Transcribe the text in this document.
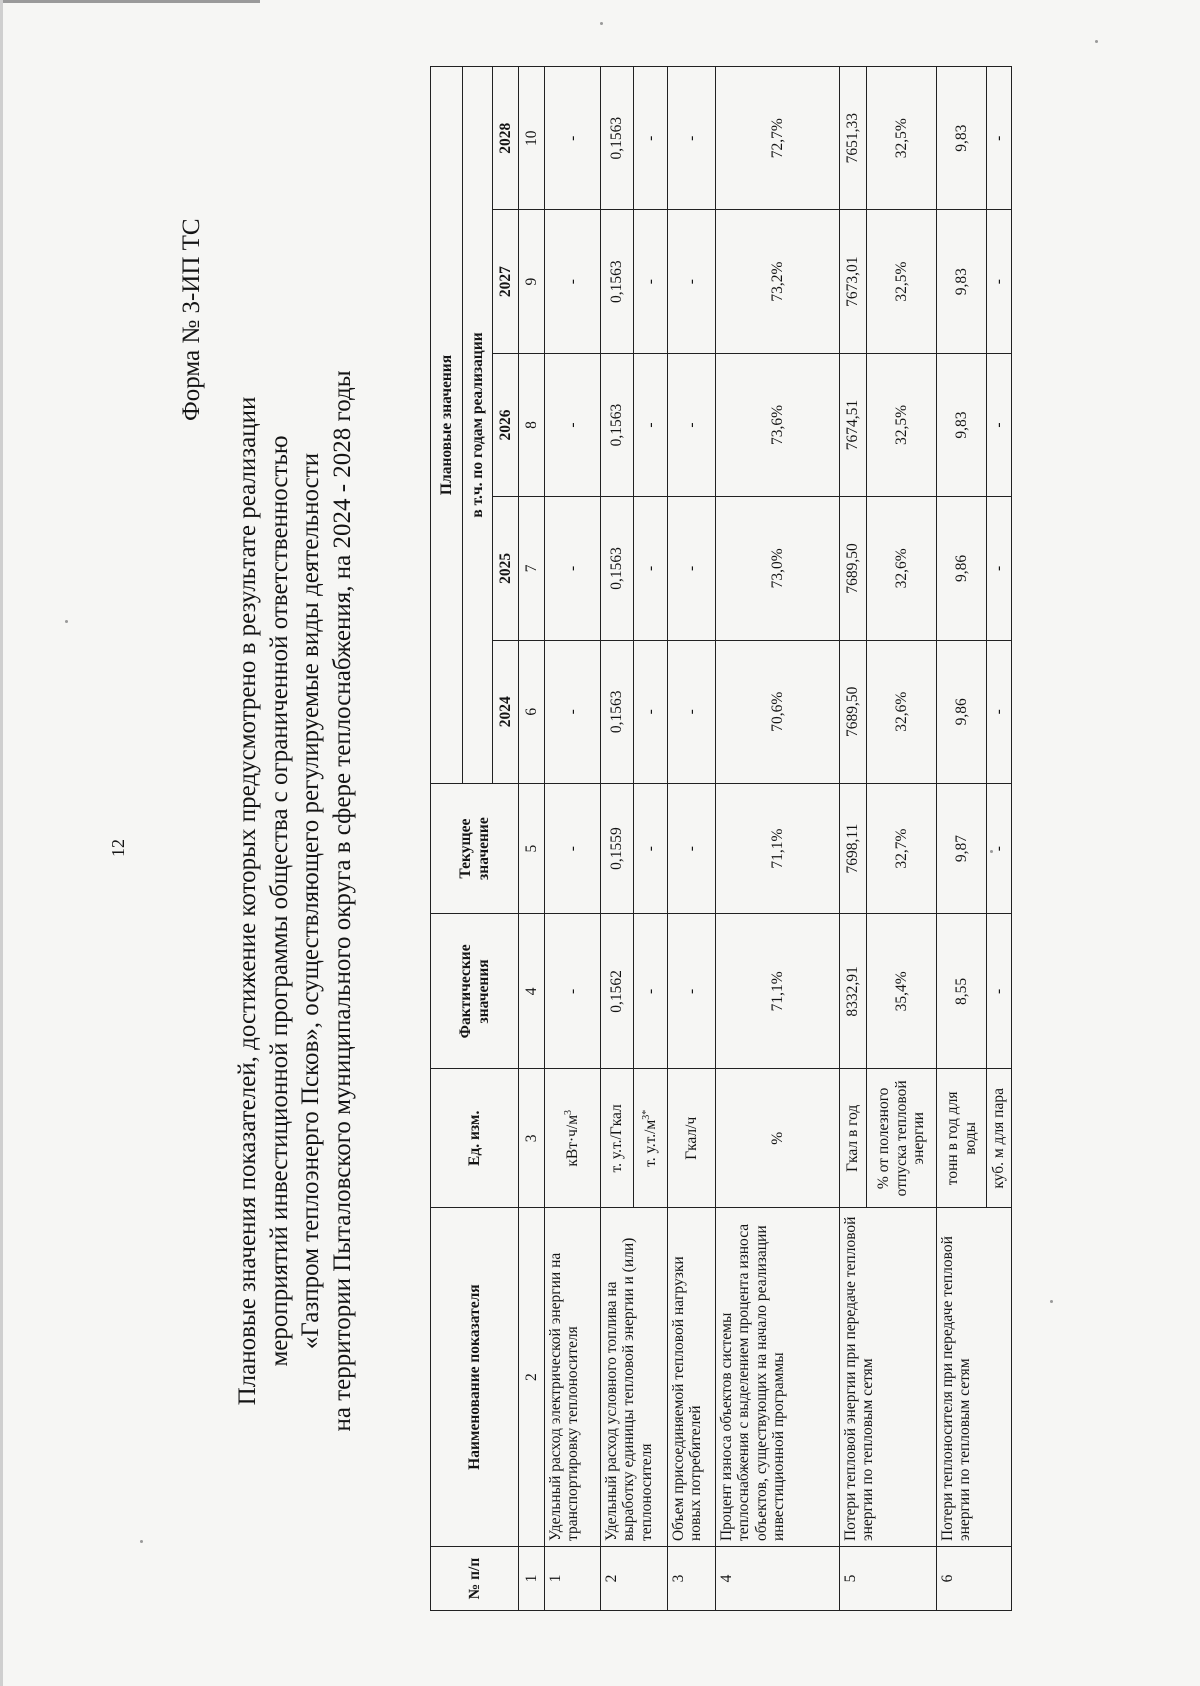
12
Форма № 3-ИП ТС
Плановые значения показателей, достижение которых предусмотрено в результате реализации мероприятий инвестиционной программы общества с ограниченной ответственностью «Газпром теплоэнерго Псков», осуществляющего регулируемые виды деятельности на территории Пыталовского муниципального округа в сфере теплоснабжения, на 2024 - 2028 годы
№ п/п	Наименование показателя	Ед. изм.	Фактические значения	Текущее значение	Плановые значения				
					в т.ч. по годам реализации				
					2024	2025	2026	2027	2028
1	2	3	4	5	6	7	8	9	10
1	Удельный расход электрической энергии на транспортировку теплоносителя	$кВт\cdot ч/м^3$	-	-	-	-	-	-	-
2	Удельный расход условного топлива на выработку единицы тепловой энергии и (или) теплоносителя	т. у.т./Гкал	0,1562	0,1559	0,1563	0,1563	0,1563	0,1563	0,1563
		т. $у.т./м^{3*}$	-	-	-	-	-	-	-
3	Объем присоединяемой тепловой нагрузки новых потребителей	Гкал/ч	-	-	-	-	-	-	-
4	Процент износа объектов системы теплоснабжения с выделением процента износа объектов, существующих на начало реализации инвестиционной программы	%	71,1%	71,1%	70,6%	73,0%	73,6%	73,2%	72,7%
5	Потери тепловой энергии при передаче тепловой энергии по тепловым сетям	Гкал в год	8332,91	7698,11	7689,50	7689,50	7674,51	7673,01	7651,33
		% от полезного отпуска тепловой энергии	35,4%	32,7%	32,6%	32,6%	32,5%	32,5%	32,5%
6	Потери теплоносителя при передаче тепловой энергии по тепловым сетям	тонн в год для воды	8,55	9,87	9,86	9,86	9,83	9,83	9,83
		куб. м для пара	-	-	-	-	-	-	-
